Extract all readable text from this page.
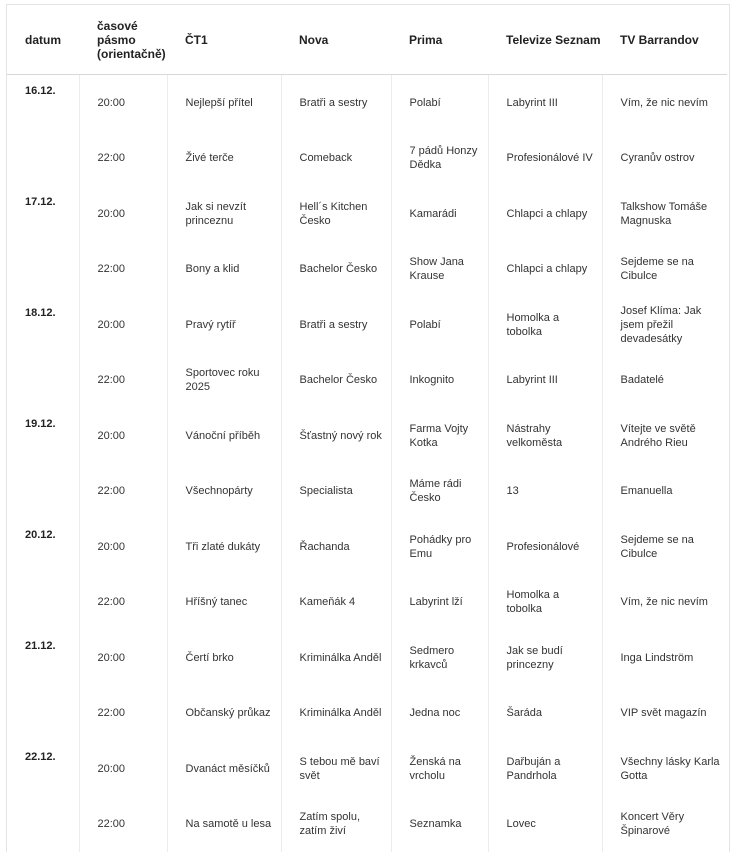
datum	časové pásmo (orientačně)	ČT1	Nova	Prima	Televize Seznam	TV Barrandov
16.12.	20:00	Nejlepší přítel	Bratři a sestry	Polabí	Labyrint III	Vím, že nic nevím
	22:00	Živé terče	Comeback	7 pádů Honzy Dědka	Profesionálové IV	Cyranův ostrov
17.12.	20:00	Jak si nevzít princeznu	Hell´s Kitchen Česko	Kamarádi	Chlapci a chlapy	Talkshow Tomáše Magnuska
	22:00	Bony a klid	Bachelor Česko	Show Jana Krause	Chlapci a chlapy	Sejdeme se na Cibulce
18.12.	20:00	Pravý rytíř	Bratři a sestry	Polabí	Homolka a tobolka	Josef Klíma: Jak jsem přežil devadesátky
	22:00	Sportovec roku 2025	Bachelor Česko	Inkognito	Labyrint III	Badatelé
19.12.	20:00	Vánoční příběh	Šťastný nový rok	Farma Vojty Kotka	Nástrahy velkoměsta	Vítejte ve světě Andrého Rieu
	22:00	Všechnopárty	Specialista	Máme rádi Česko	13	Emanuella
20.12.	20:00	Tři zlaté dukáty	Řachanda	Pohádky pro Emu	Profesionálové	Sejdeme se na Cibulce
	22:00	Hříšný tanec	Kameňák 4	Labyrint lží	Homolka a tobolka	Vím, že nic nevím
21.12.	20:00	Čertí brko	Kriminálka Anděl	Sedmero krkavců	Jak se budí princezny	Inga Lindström
	22:00	Občanský průkaz	Kriminálka Anděl	Jedna noc	Šaráda	VIP svět magazín
22.12.	20:00	Dvanáct měsíčků	S tebou mě baví svět	Ženská na vrcholu	Dařbuján a Pandrhola	Všechny lásky Karla Gotta
	22:00	Na samotě u lesa	Zatím spolu, zatím živí	Seznamka	Lovec	Koncert Věry Špinarové
